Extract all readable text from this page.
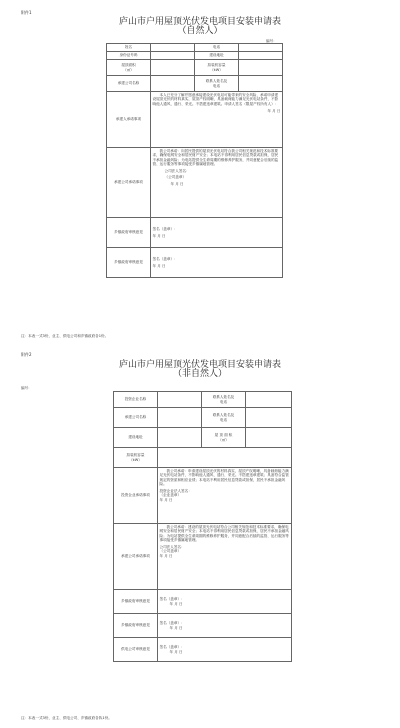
附件1
庐山市户用屋顶光伏发电项目安装申请表
（自然人）
编号：
姓名		电话	
身份证号码		建设地址	

屋顶面积
（㎡）		拟装机容量
（kW）	

承建公司名称		联系人姓名及
电话	

承建人承诺事项	本人已充分了解并愿意承接建设光伏电站可能带来的安全风险，承诺申请建设屋顶光伏的材料真实，屋顶产权明晰，具备载荷能力满足光伏电站条件，不影响他人通风、通行、采光。不搭建违章建筑。申请人签名（限屋产权所有人）：
年 月 日		

承建公司承诺事项	我公司承诺：向居民提供的屋顶光伏电站符合我公司相关规范和技术标准要求，确保电网安全和居民财产安全；本电站不得利用居民信息贷款或担保，居民不承担金融风险；为电站提供全生命周期的维修养护服务，并同意配合后续的监管、运行服务等事项接受乡镇属地管理。
公司法人签名：
（公司盖章）
年 月 日		

乡镇政府审核意见	签名（盖章）：
年 月 日		

乡镇政府审核意见	签名（盖章）：
年 月 日		
注：本表一式3份，业主、供电公司和乡镇政府各1份。
附件2
庐山市户用屋顶光伏发电项目安装申请表
（非自然人）
编号：
投资企业名称		联系人姓名及
电话	

承建公司名称		联系人姓名及
电话	

建设地址		屋 顶 面 积
（㎡）	

拟装机容量
（kW）			

投资企业承诺事项	我公司承诺：申请建设屋顶光伏的材料真实，屋顶产权明晰，具备载荷能力满足光伏电站条件，不影响他人通风、通行、采光。不搭建违章建筑；具备符合监管规定的资质和相应业绩；本电站不利用居民信息贷款或担保，居民不承担金融风险。
投资企业法人签名：
（企业盖章）
年 月 日		

承建公司承诺事项	我公司承诺：建设的屋顶光伏电站符合公司相关规范和技术标准要求，确保电网安全和居民财产安全；本电站不得利用居民信息贷款或担保，居民不承担金融风险；为电站提供全生命周期的维修养护服务，并同意配合后续的监管、运行服务等事项接受乡镇属地管理。
公司法人签名：
（公司盖章）
年 月 日		

乡镇政府审核意见	签名（盖章）：
年 月 日		

乡镇政府审核意见	签名（盖章）：
年 月 日		

供电公司审核意见	签名（盖章）：
年 月 日		
注：本表一式3份，业主、供电公司、乡镇政府各执1份。
